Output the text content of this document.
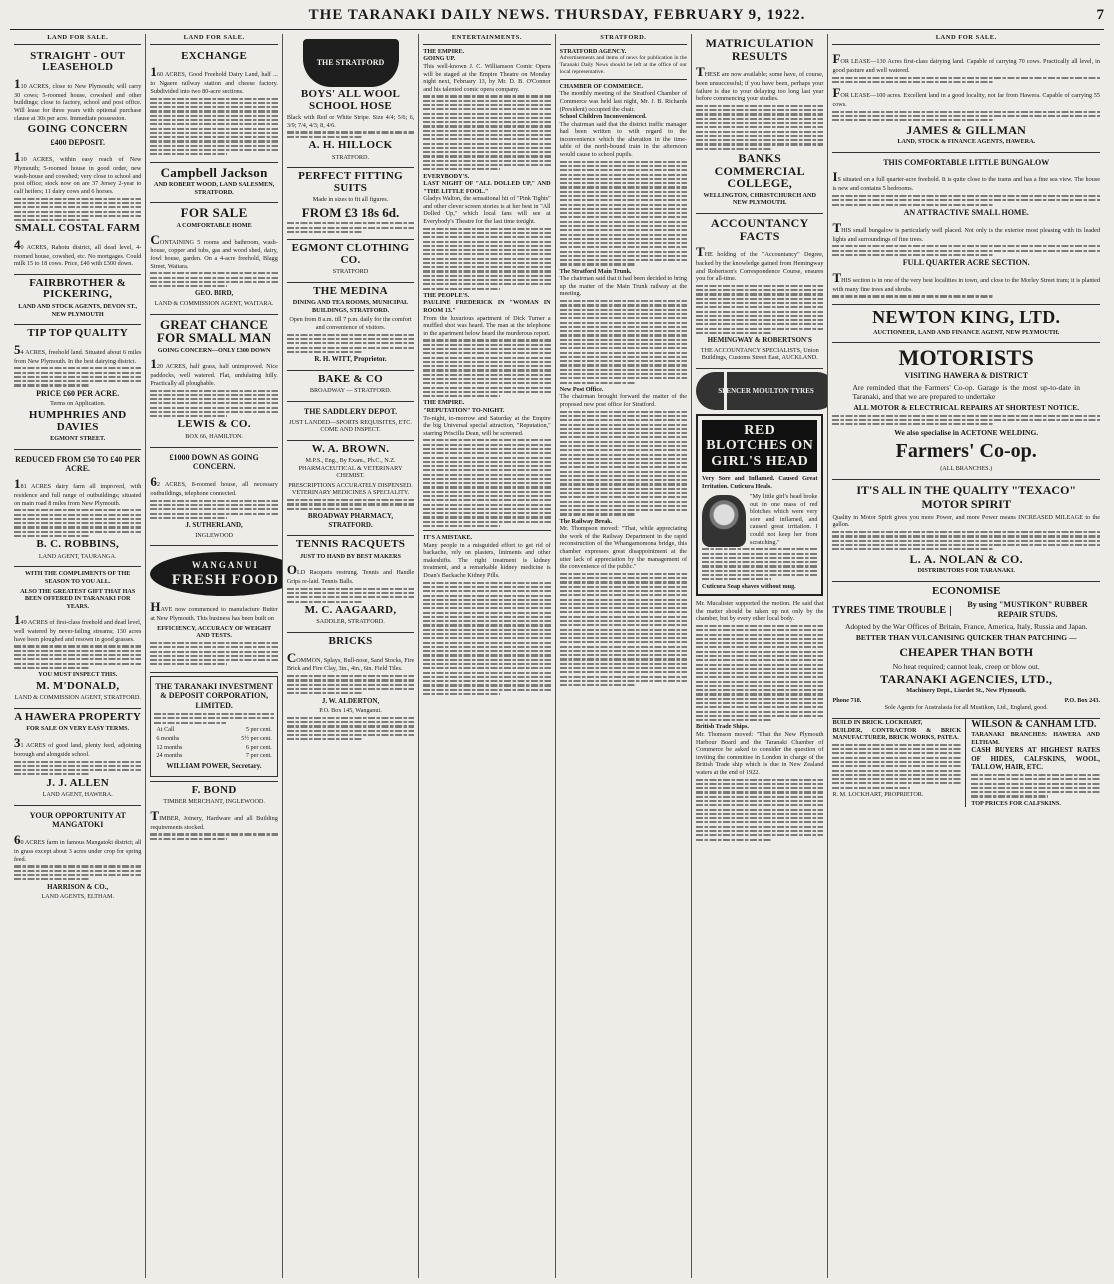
THE TARANAKI DAILY NEWS. THURSDAY, FEBRUARY 9, 1922.	7
LAND FOR SALE.
STRAIGHT - OUT LEASEHOLD

110 ACRES, close to New Plymouth; will carry 30 cows; 5-roomed house, cowshed and other buildings; close to factory, school and post office. Will lease for three years with optional purchase clause at 30s per acre. Immediate possession.

GOING CONCERN
£400 DEPOSIT.

110 ACRES, within easy reach of New Plymouth; 5-roomed house in good order, new wash-house and cowshed; very close to school and post office; stock now on are 37 Jersey 2-year to calf heifers; 11 dairy cows and 6 horses.

SMALL COSTAL FARM

40 ACRES, Rahotu district, all dead level, 4-roomed house, cowshed, etc. No mortgages. Could milk 15 to 18 cows. Price, £40 with £300 down.

FAIRBROTHER & PICKERING,

LAND AND STOCK AGENTS, DEVON ST., NEW PLYMOUTH

TIP TOP QUALITY

54 ACRES, freehold land. Situated about 6 miles from New Plymouth. In the best dairying district.

PRICE £60 PER ACRE.

Terms on Application.

HUMPHRIES AND DAVIES

EGMONT STREET.

REDUCED FROM £50 TO £40 PER ACRE.

181 ACRES dairy farm all improved, with residence and full range of outbuildings; situated on main road 8 miles from New Plymouth.

B. C. ROBBINS,

LAND AGENT, TAURANGA.

WITH THE COMPLIMENTS OF THE SEASON TO YOU ALL.

ALSO THE GREATEST GIFT THAT HAS BEEN OFFERED IN TARANAKI FOR YEARS.

149 ACRES of first-class freehold and dead level, well watered by never-failing streams; 130 acres have been ploughed and resown in good grasses.

YOU MUST INSPECT THIS.

M. M'DONALD,

LAND & COMMISSION AGENT, STRATFORD.

A HAWERA PROPERTY

FOR SALE ON VERY EASY TERMS.

31 ACRES of good land, plenty feed, adjoining borough and alongside school.

J. J. ALLEN

LAND AGENT, HAWERA.

YOUR OPPORTUNITY AT MANGATOKI

60 ACRES farm in famous Mangatoki district; all in grass except about 3 acres under crop for spring feed.

HARRISON & CO.,

LAND AGENTS, ELTHAM.

LAND FOR SALE.
EXCHANGE

160 ACRES, Good Freehold Dairy Land, half ... to Ngaere railway station and cheese factory. Subdivided into two 80-acre sections.

Campbell Jackson

AND ROBERT WOOD, LAND SALESMEN, STRATFORD.

FOR SALE

A COMFORTABLE HOME

CONTAINING 5 rooms and bathroom, wash-house, copper and tubs, gas and wood shed, dairy, fowl house, garden. On a 4-acre freehold, Blagg Street, Waitara.

GEO. BIRD,

LAND & COMMISSION AGENT, WAITARA.

GREAT CHANCE FOR SMALL MAN

GOING CONCERN—ONLY £300 DOWN

120 ACRES, half grass, half unimproved. Nice paddocks, well watered. Flat, undulating hilly. Practically all ploughable.

LEWIS & CO.

BOX 66, HAMILTON.

£1000 DOWN AS GOING CONCERN.

62 ACRES, 8-roomed house, all necessary outbuildings, telephone connected.

J. SUTHERLAND,

INGLEWOOD

WANGANUI
FRESH FOOD

HAVE now commenced to manufacture Butter at New Plymouth. This business has been built on

EFFICIENCY, ACCURACY OF WEIGHT AND TESTS.

THE TARANAKI INVESTMENT & DEPOSIT CORPORATION, LIMITED.
At Call	5 per cent.
6 months	5½ per cent.
12 months	6 per cent.
24 months	7 per cent.

WILLIAM POWER, Secretary.

F. BOND

TIMBER MERCHANT, INGLEWOOD.

TIMBER, Joinery, Hardware and all Building requirements stocked.

THE STRATFORD
BOYS' ALL WOOL SCHOOL HOSE

Black with Red or White Stripe. Size 4/4; 5/6; 6, 3/9; 7/4, 4/3; 8, 4/6.

A. H. HILLOCK

STRATFORD.

PERFECT FITTING SUITS

Made in sizes to fit all figures.

FROM £3 18s 6d.

EGMONT CLOTHING CO.

STRATFORD

THE MEDINA

DINING AND TEA ROOMS, MUNICIPAL BUILDINGS, STRATFORD.

Open from 8 a.m. till 7 p.m. daily for the comfort and convenience of visitors.

R. H. WITT, Proprietor.

BAKE & CO

BROADWAY — STRATFORD.

THE SADDLERY DEPOT.

JUST LANDED—SPORTS REQUISITES, ETC. COME AND INSPECT.

W. A. BROWN.

M.P.S., Eng., By Exam., Ph.C., N.Z. PHARMACEUTICAL & VETERINARY CHEMIST.

PRESCRIPTIONS ACCURATELY DISPENSED. VETERINARY MEDICINES A SPECIALITY.

BROADWAY PHARMACY, STRATFORD.

TENNIS RACQUETS

JUST TO HAND BY BEST MAKERS

OLD Racquets restrung. Tennis and Handle Grips re-laid. Tennis Balls.

M. C. AAGAARD,

SADDLER, STRATFORD.

BRICKS

COMMON, Splays, Bull-nose, Sand Stocks, Fire Brick and Fire Clay, 3in., 4in., 6in. Field Tiles.

J. W. ALDERTON,

P.O. Box 145, Wanganui.

ENTERTAINMENTS.
THE EMPIRE.

GOING UP.

This well-known J. C. Williamson Comic Opera will be staged at the Empire Theatre on Monday night next, February 13, by Mr. D. B. O'Connor and his talented comic opera company.

EVERYBODY'S.

LAST NIGHT OF "ALL DOLLED UP," AND "THE LITTLE FOOL."

Gladys Walton, the sensational hit of "Pink Tights" and other clever screen stories is at her best in "All Dolled Up," which local fans will see at Everybody's Theatre for the last time tonight.

THE PEOPLE'S.

PAULINE FREDERICK IN "WOMAN IN ROOM 13."

From the luxurious apartment of Dick Turner a muffled shot was heard. The man at the telephone in the apartment below heard the murderous report.

THE EMPIRE.

"REPUTATION" TO-NIGHT.

To-night, to-morrow and Saturday at the Empire the big Universal special attraction, "Reputation," starring Priscilla Dean, will be screened.

IT'S A MISTAKE.

Many people in a misguided effort to get rid of backache, rely on plasters, liniments and other makeshifts. The right treatment is kidney treatment, and a remarkable kidney medicine is Doan's Backache Kidney Pills.

STRATFORD.

STRATFORD AGENCY.

Advertisements and items of news for publication in the Taranaki Daily News should be left at the office of our local representative.

CHAMBER OF COMMERCE.

The monthly meeting of the Stratford Chamber of Commerce was held last night, Mr. J. B. Richards (President) occupied the chair.

School Children Inconvenienced.

The chairman said that the district traffic manager had been written to with regard to the inconvenience which the alteration in the time-table of the north-bound train in the afternoon would cause to school pupils.

The Stratford Main Trunk.

The chairman said that it had been decided to bring up the matter of the Main Trunk railway at the meeting.

New Post Office.

The chairman brought forward the matter of the proposed new post office for Stratford.

The Railway Break.

Mr. Thompson moved: "That, while appreciating the work of the Railway Department in the rapid reconstruction of the Whangamomona bridge, this chamber expresses great disappointment at the utter lack of appreciation by the management of the convenience of the public."

MATRICULATION RESULTS

THESE are now available; some have, of course, been unsuccessful; if you have been, perhaps your failure is due to your delaying too long last year before commencing your studies.

BANKS COMMERCIAL COLLEGE,

WELLINGTON, CHRISTCHURCH AND NEW PLYMOUTH.

ACCOUNTANCY FACTS

THE holding of the "Accountancy" Degree, backed by the knowledge gained from Hemingway and Robertson's Correspondence Course, ensures you for all-time.

HEMINGWAY & ROBERTSON'S

THE ACCOUNTANCY SPECIALISTS, Union Buildings, Customs Street East, AUCKLAND.

SPENCER MOULTON TYRES
RED BLOTCHES ON GIRL'S HEAD

Very Sore and Inflamed. Caused Great Irritation. Cuticura Heals.

"My little girl's head broke out in one mass of red blotches which were very sore and inflamed, and caused great irritation. I could not keep her from scratching."

Cuticura Soap shaves without mug.

Mr. Mucalister supported the motion. He said that the matter should be taken up not only by the chamber, but by every other local body.

British Trade Ships.

Mr. Thomson moved: "That the New Plymouth Harbour Board and the Taranaki Chamber of Commerce be asked to consider the question of inviting the committee in London in charge of the British Trade ship which is due in New Zealand waters at the end of 1922.

LAND FOR SALE.

FOR LEASE—130 Acres first-class dairying land. Capable of carrying 70 cows. Practically all level, in good pasture and well watered.

FOR LEASE—100 acres. Excellent land in a good locality, not far from Hawera. Capable of carrying 55 cows.

JAMES & GILLMAN

LAND, STOCK & FINANCE AGENTS, HAWERA.

THIS COMFORTABLE LITTLE BUNGALOW

IS situated on a full quarter-acre freehold. It is quite close to the trams and has a fine sea view. The house is new and contains 5 bedrooms.

AN ATTRACTIVE SMALL HOME.

THIS small bungalow is particularly well placed. Not only is the exterior most pleasing with its leaded lights and surroundings of fine trees.

FULL QUARTER ACRE SECTION.

THIS section is in one of the very best localities in town, and close to the Morley Street tram; it is planted with many fine trees and shrubs.

NEWTON KING, LTD.

AUCTIONEER, LAND AND FINANCE AGENT, NEW PLYMOUTH.

MOTORISTS

VISITING HAWERA & DISTRICT

Are reminded that the Farmers' Co-op. Garage is the most up-to-date in Taranaki, and that we are prepared to undertake

ALL MOTOR & ELECTRICAL REPAIRS AT SHORTEST NOTICE.

We also specialise in ACETONE WELDING.

Farmers' Co-op.

(ALL BRANCHES.)

IT'S ALL IN THE QUALITY "TEXACO" MOTOR SPIRIT

Quality in Motor Spirit gives you more Power, and more Power means INCREASED MILEAGE to the gallon.

L. A. NOLAN & CO.

DISTRIBUTORS FOR TARANAKI.

ECONOMISE

TYRES TIME TROUBLE	By using "MUSTIKON" RUBBER REPAIR STUDS.

Adopted by the War Offices of Britain, France, America, Italy, Russia and Japan.

BETTER THAN VULCANISING QUICKER THAN PATCHING —

CHEAPER THAN BOTH

No heat required; cannot leak, creep or blow out.

TARANAKI AGENCIES, LTD.,

Machinery Dept., Liardet St., New Plymouth.

Phone 718.	P.O. Box 243.

Sole Agents for Australasia for all Mustikon, Ltd., England, good.

BUILD IN BRICK. LOCKHART,

BUILDER, CONTRACTOR & BRICK MANUFACTURER, BRICK WORKS, PATEA.

R. M. LOCKHART, PROPRIETOR.

WILSON & CANHAM LTD.

TARANAKI BRANCHES: HAWERA AND ELTHAM.

CASH BUYERS AT HIGHEST RATES OF HIDES, CALFSKINS, WOOL, TALLOW, HAIR, ETC.

TOP PRICES FOR CALFSKINS.
